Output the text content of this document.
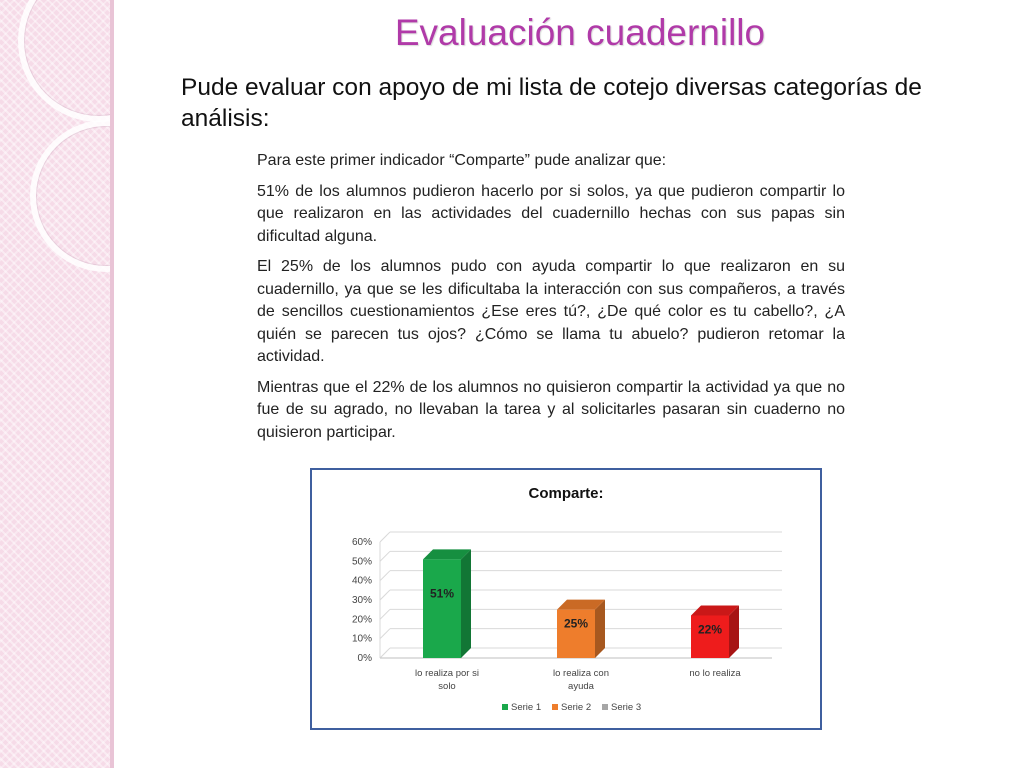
Evaluación cuadernillo
Pude evaluar con apoyo de mi lista de cotejo diversas categorías de análisis:

Para este primer indicador “Comparte” pude analizar que:

51% de los alumnos pudieron hacerlo por si solos, ya que pudieron compartir lo que realizaron en las actividades del cuadernillo hechas con sus papas sin dificultad alguna.

El 25% de los alumnos pudo con ayuda compartir lo que realizaron en su cuadernillo, ya que se les dificultaba la interacción con sus compañeros, a través de sencillos cuestionamientos ¿Ese eres tú?, ¿De qué color es tu cabello?, ¿A quién se parecen tus ojos? ¿Cómo se llama tu abuelo? pudieron retomar la actividad.

Mientras que el 22% de los alumnos no quisieron compartir la actividad ya que no fue de su agrado, no llevaban la tarea y al solicitarles pasaran sin cuaderno no quisieron participar.

Comparte:
0%
10%
20%
30%
40%
50%
60%
51%
25%	22%
lo realiza por si
solo
lo realiza con
ayuda
no lo realiza
Serie 1 Serie 2 Serie 3
